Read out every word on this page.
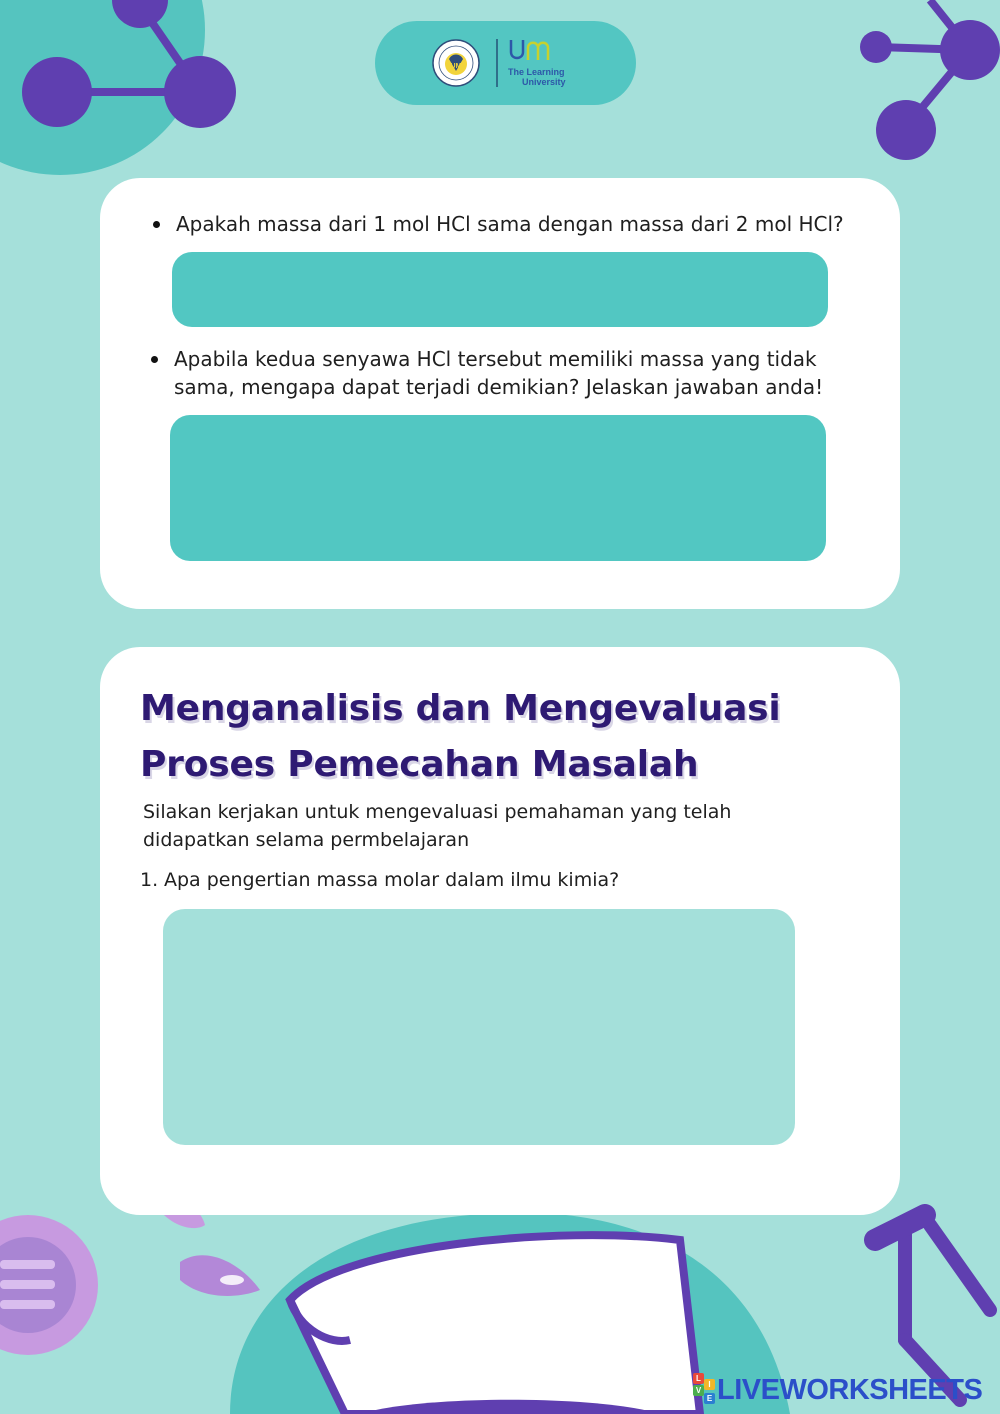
UM
The Learning
University
Apakah massa dari 1 mol HCl sama dengan massa dari 2 mol HCl?
Apabila kedua senyawa HCl tersebut memiliki massa yang tidak
sama, mengapa dapat terjadi demikian? Jelaskan jawaban anda!
Menganalisis dan Mengevaluasi
Proses Pemecahan Masalah
Silakan kerjakan untuk mengevaluasi pemahaman yang telah didapatkan selama permbelajaran
1. Apa pengertian massa molar dalam ilmu kimia?
L
I
V
E LIVEWORKSHEETS
